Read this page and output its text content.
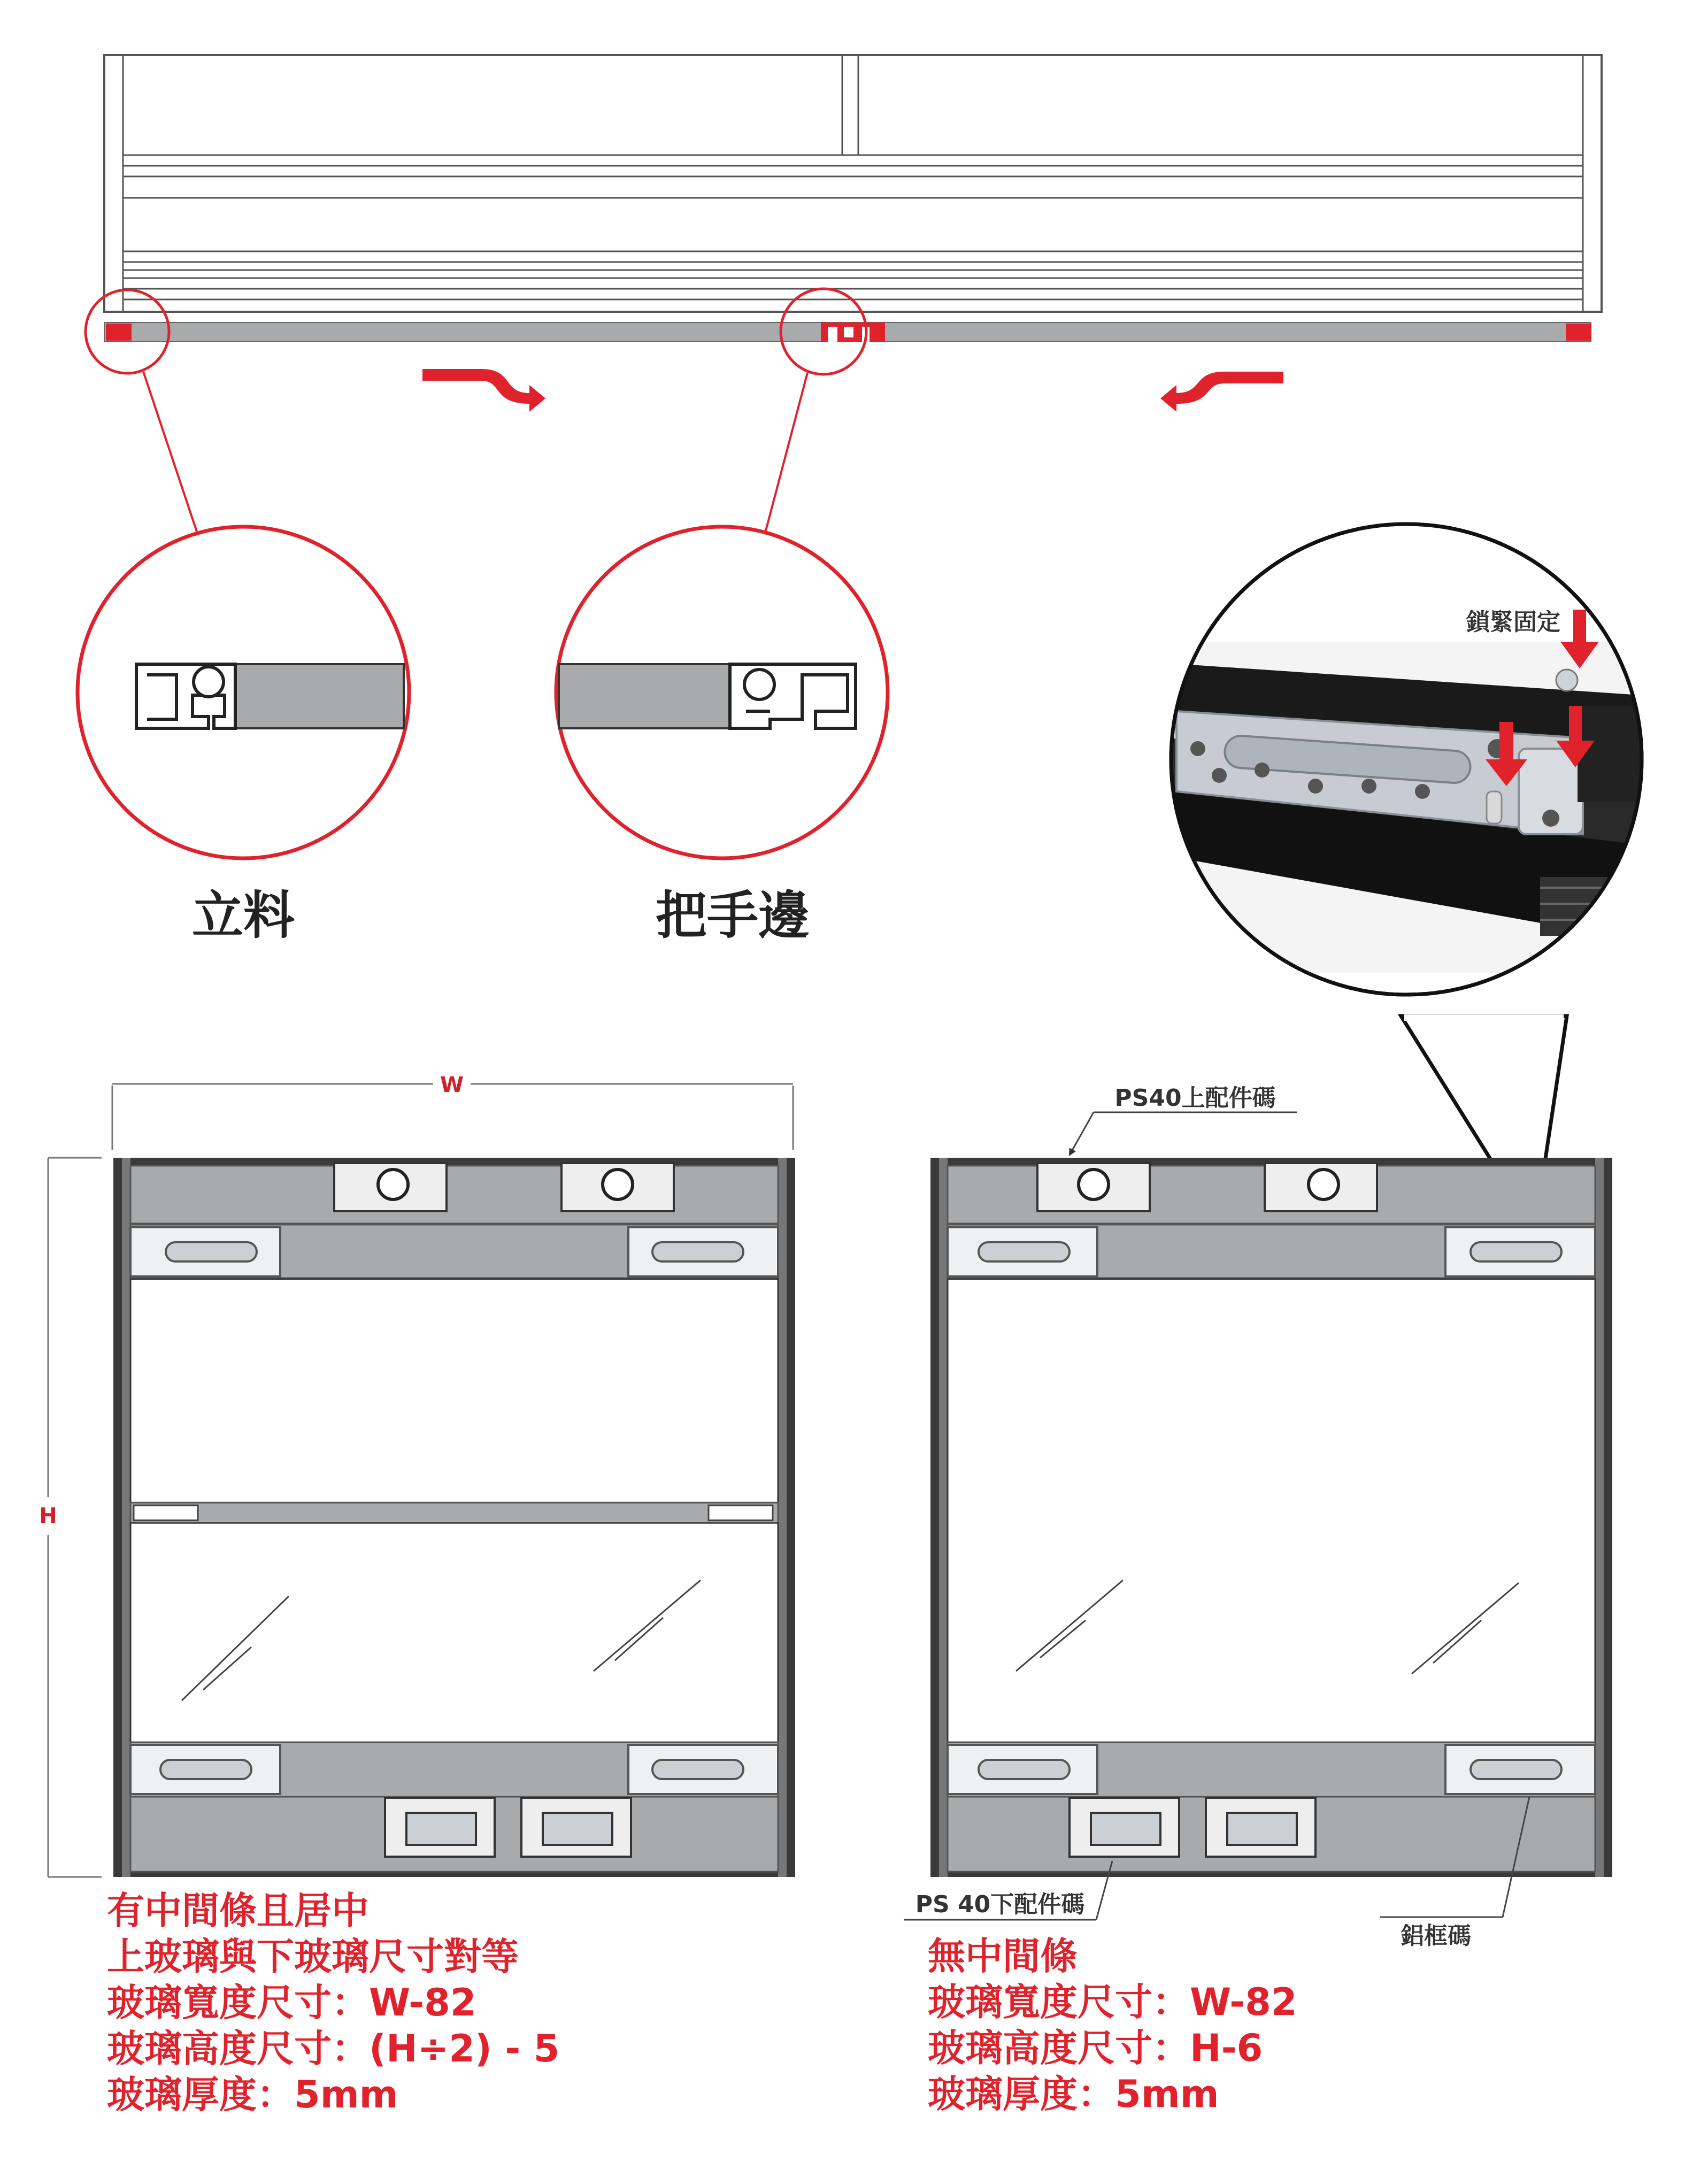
立料	把手邊
鎖緊固定
W
H
PS40上配件碼
PS 40下配件碼
鋁框碼
有中間條且居中
上玻璃與下玻璃尺寸對等
玻璃寬度尺寸：W-82
玻璃高度尺寸：(H÷2) - 5
玻璃厚度：5mm
無中間條
玻璃寬度尺寸：W-82
玻璃高度尺寸：H-6
玻璃厚度：5mm
